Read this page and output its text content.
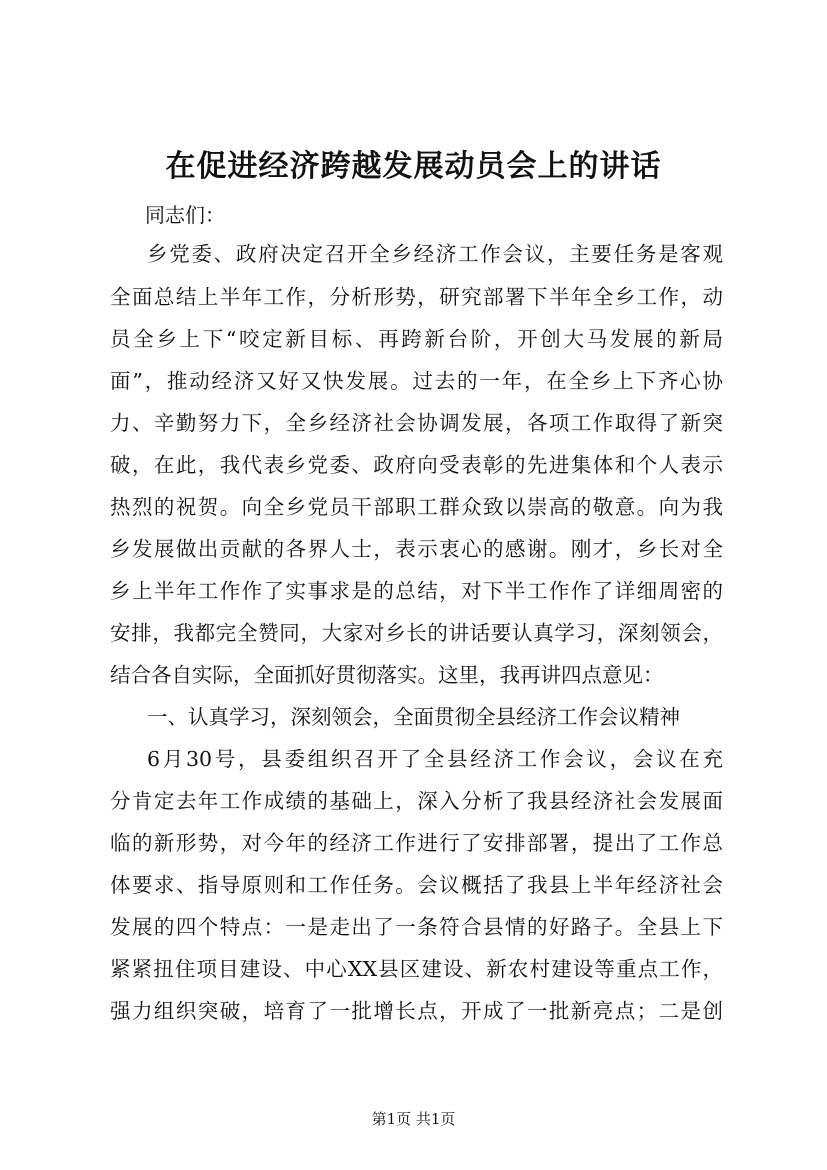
在促进经济跨越发展动员会上的讲话
同志们：
乡党委、政府决定召开全乡经济工作会议，主要任务是客观
全面总结上半年工作，分析形势，研究部署下半年全乡工作，动
员全乡上下“咬定新目标、再跨新台阶，开创大马发展的新局
面”，推动经济又好又快发展。过去的一年，在全乡上下齐心协
力、辛勤努力下，全乡经济社会协调发展，各项工作取得了新突
破，在此，我代表乡党委、政府向受表彰的先进集体和个人表示
热烈的祝贺。向全乡党员干部职工群众致以崇高的敬意。向为我
乡发展做出贡献的各界人士，表示衷心的感谢。刚才，乡长对全
乡上半年工作作了实事求是的总结，对下半工作作了详细周密的
安排，我都完全赞同，大家对乡长的讲话要认真学习，深刻领会，
结合各自实际，全面抓好贯彻落实。这里，我再讲四点意见：
一、认真学习，深刻领会，全面贯彻全县经济工作会议精神
6月30号，县委组织召开了全县经济工作会议，会议在充
分肯定去年工作成绩的基础上，深入分析了我县经济社会发展面
临的新形势，对今年的经济工作进行了安排部署，提出了工作总
体要求、指导原则和工作任务。会议概括了我县上半年经济社会
发展的四个特点：一是走出了一条符合县情的好路子。全县上下
紧紧扭住项目建设、中心XX县区建设、新农村建设等重点工作，
强力组织突破，培育了一批增长点，开成了一批新亮点；二是创
第1页 共1页
